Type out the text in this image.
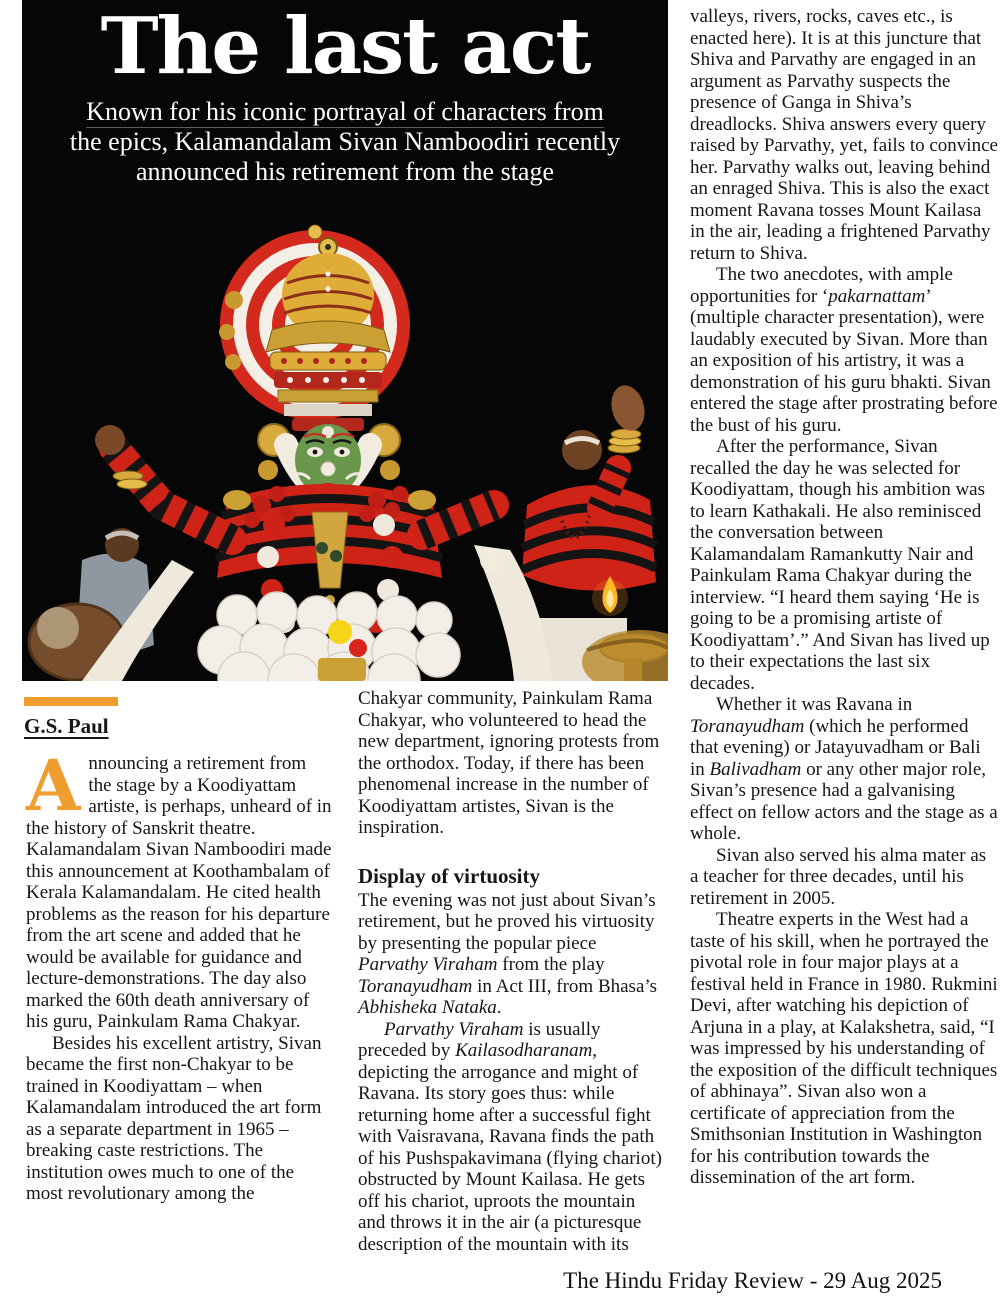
The last act
Known for his iconic portrayal of characters from
the epics, Kalamandalam Sivan Namboodiri recently
announced his retirement from the stage
G.S. Paul

Announcing a retirement from the stage by a Koodiyattam artiste, is perhaps, unheard of in the history of Sanskrit theatre. Kalamandalam Sivan Namboodiri made this announcement at Koothambalam of Kerala Kalamandalam. He cited health problems as the reason for his departure from the art scene and added that he would be available for guidance and lecture-demonstrations. The day also marked the 60th death anniversary of his guru, Painkulam Rama Chakyar.

Besides his excellent artistry, Sivan became the first non-Chakyar to be trained in Koodiyattam – when Kalamandalam introduced the art form as a separate department in 1965 – breaking caste restrictions. The institution owes much to one of the most revolutionary among the

Chakyar community, Painkulam Rama Chakyar, who volunteered to head the new department, ignoring protests from the orthodox. Today, if there has been phenomenal increase in the number of Koodiyattam artistes, Sivan is the inspiration.

Display of virtuosity

The evening was not just about Sivan’s retirement, but he proved his virtuosity by presenting the popular piece Parvathy Viraham from the play Toranayudham in Act III, from Bhasa’s Abhisheka Nataka.

Parvathy Viraham is usually preceded by Kailasodharanam, depicting the arrogance and might of Ravana. Its story goes thus: while returning home after a successful fight with Vaisravana, Ravana finds the path of his Pushspakavimana (flying chariot) obstructed by Mount Kailasa. He gets off his chariot, uproots the mountain and throws it in the air (a picturesque description of the mountain with its

valleys, rivers, rocks, caves etc., is enacted here). It is at this juncture that Shiva and Parvathy are engaged in an argument as Parvathy suspects the presence of Ganga in Shiva’s dreadlocks. Shiva answers every query raised by Parvathy, yet, fails to convince her. Parvathy walks out, leaving behind an enraged Shiva. This is also the exact moment Ravana tosses Mount Kailasa in the air, leading a frightened Parvathy return to Shiva.

The two anecdotes, with ample opportunities for ‘pakarnattam’ (multiple character presentation), were laudably executed by Sivan. More than an exposition of his artistry, it was a demonstration of his guru bhakti. Sivan entered the stage after prostrating before the bust of his guru.

After the performance, Sivan recalled the day he was selected for Koodiyattam, though his ambition was to learn Kathakali. He also reminisced the conversation between Kalamandalam Ramankutty Nair and Painkulam Rama Chakyar during the interview. “I heard them saying ‘He is going to be a promising artiste of Koodiyattam’.” And Sivan has lived up to their expectations the last six decades.

Whether it was Ravana in Toranayudham (which he performed that evening) or Jatayuvadham or Bali in Balivadham or any other major role, Sivan’s presence had a galvanising effect on fellow actors and the stage as a whole.

Sivan also served his alma mater as a teacher for three decades, until his retirement in 2005.

Theatre experts in the West had a taste of his skill, when he portrayed the pivotal role in four major plays at a festival held in France in 1980. Rukmini Devi, after watching his depiction of Arjuna in a play, at Kalakshetra, said, “I was impressed by his understanding of the exposition of the difficult techniques of abhinaya”. Sivan also won a certificate of appreciation from the Smithsonian Institution in Washington for his contribution towards the dissemination of the art form.

The Hindu Friday Review - 29 Aug 2025
